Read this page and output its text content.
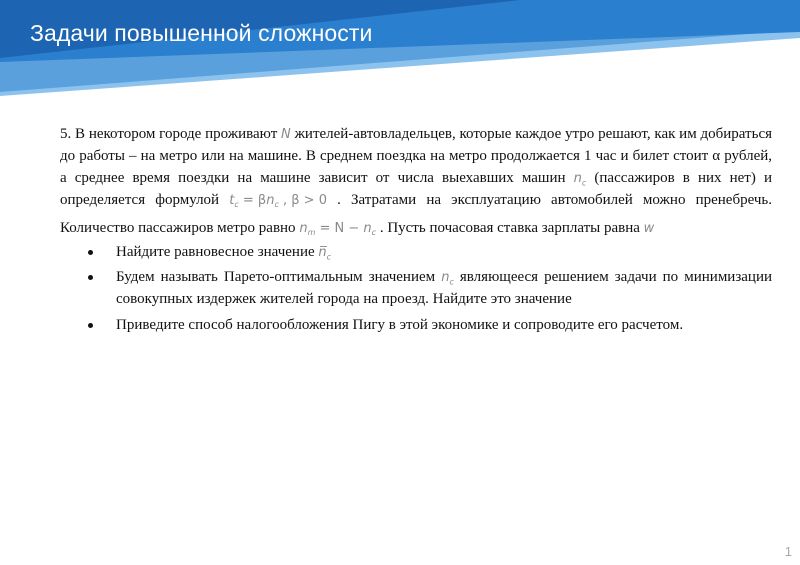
Задачи повышенной сложности

5. В некотором городе проживают N жителей-автовладельцев, которые каждое утро решают, как им добираться до работы – на метро или на машине. В среднем поездка на метро продолжается 1 час и билет стоит α рублей, а среднее время поездки на машине зависит от числа выехавших машин $n_c$ (пассажиров в них нет) и определяется формулой $t_c = \beta n_c$ , β > 0 . Затратами на эксплуатацию автомобилей можно пренебречь. Количество пассажиров метро равно $n_m = N - n_c$ . Пусть почасовая ставка зарплаты равна w

Найдите равновесное значение $n̅_c$
Будем называть Парето-оптимальным значением $n_c$ являющееся решением задачи по минимизации совокупных издержек жителей города на проезд. Найдите это значение
Приведите способ налогообложения Пигу в этой экономике и сопроводите его расчетом.
1
